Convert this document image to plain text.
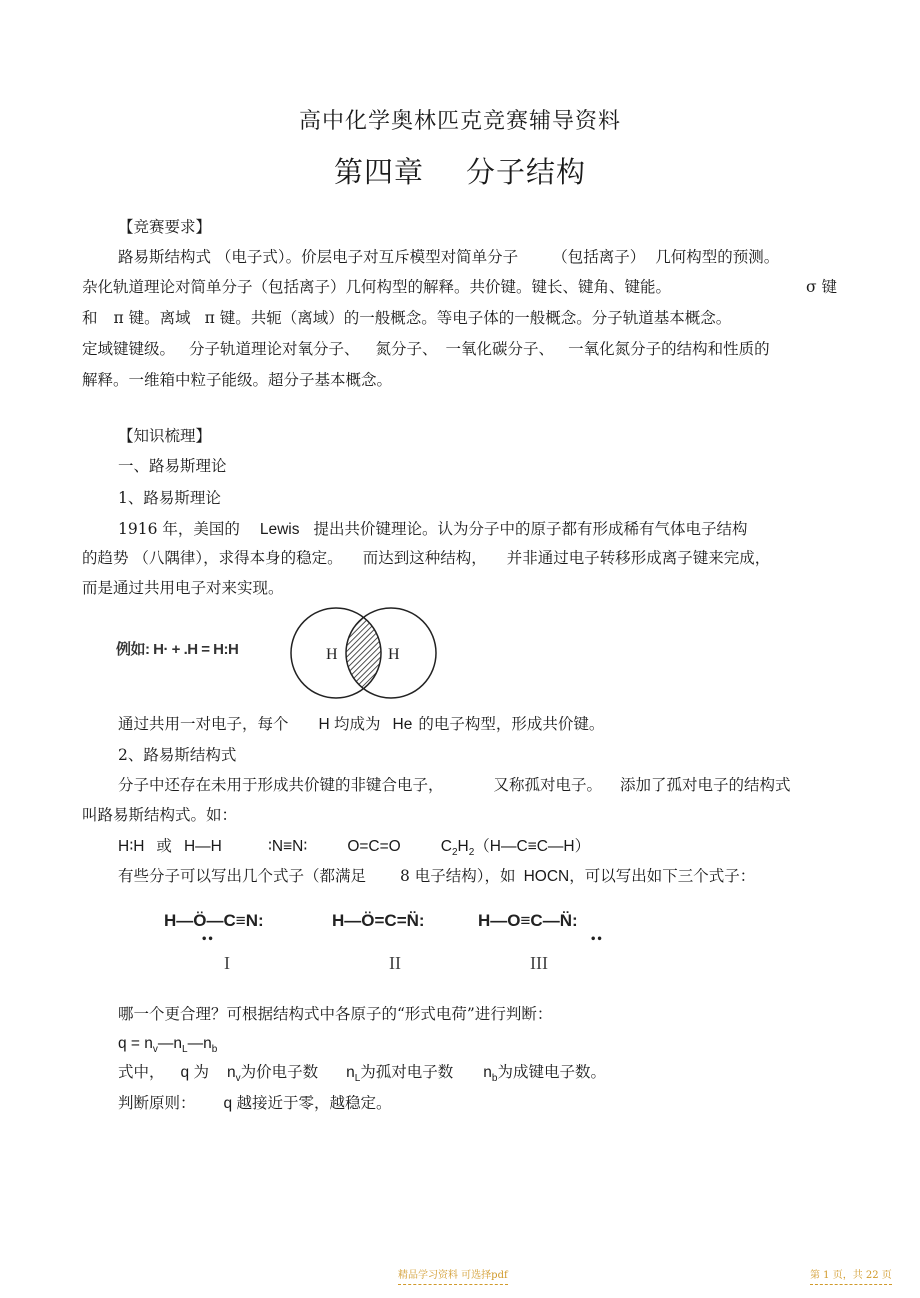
高中化学奥林匹克竞赛辅导资料
第四章 分子结构
【竞赛要求】
路易斯结构式 （电子式）。价层电子对互斥模型对简单分子 （包括离子） 几何构型的预测。
杂化轨道理论对简单分子（包括离子）几何构型的解释。共价键。键长、键角、键能。	σ 键
和 π 键。离域 π 键。共轭（离域）的一般概念。等电子体的一般概念。分子轨道基本概念。
定域键键级。 分子轨道理论对氧分子、 氮分子、 一氧化碳分子、 一氧化氮分子的结构和性质的
解释。一维箱中粒子能级。超分子基本概念。
【知识梳理】
一、路易斯理论
1、路易斯理论
1916 年，美国的 Lewis 提出共价键理论。认为分子中的原子都有形成稀有气体电子结构
的趋势 （八隅律），求得本身的稳定。 而达到这种结构， 并非通过电子转移形成离子键来完成，
而是通过共用电子对来实现。
例如: H· + .H = H:H	H	H
通过共用一对电子，每个 H 均成为 He 的电子构型，形成共价键。
2、路易斯结构式
分子中还存在未用于形成共价键的非键合电子，	又称孤对电子。 添加了孤对电子的结构式
叫路易斯结构式。如：
H∶H 或 H—H	∶N≡N∶	O=C=O	$C_2H_2(H—C\equiv C—H)$
有些分子可以写出几个式子（都满足 8 电子结构），如 HOCN，可以写出如下三个式子：
H—Ö—C≡N:	H—Ö=C=N̈:	H—O≡C—N̈:
••	••
I	II	III
哪一个更合理？可根据结构式中各原子的“形式电荷”进行判断：
$q = n_v—n_L—n_b$
式中， q 为 $n_v$为价电子数 $n_L$为孤对电子数 $n_b$为成键电子数。
判断原则： q 越接近于零，越稳定。
精品学习资料 可选择pdf	第 1 页，共 22 页
